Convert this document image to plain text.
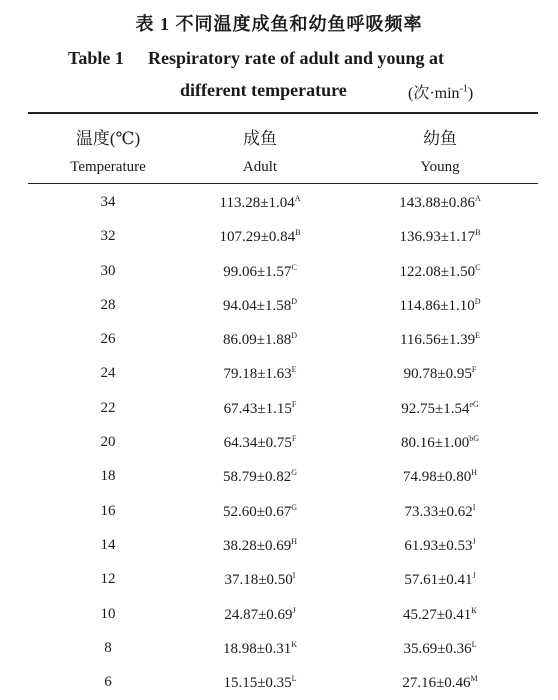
表 1 不同温度成鱼和幼鱼呼吸频率
Table 1 Respiratory rate of adult and young at
different temperature	(次$\cdot\min^{-1}$)
温度(℃)	成鱼	幼鱼
Temperature	Adult	Young
34	$113.28\pm 1.04^A$	$143.88\pm 0.86^A$
32	$107.29\pm 0.84^B$	$136.93\pm 1.17^B$
30	$99.06\pm 1.57^C$	$122.08\pm 1.50^C$
28	$94.04\pm 1.58^D$	$114.86\pm 1.10^D$
26	$86.09\pm 1.88^D$	$116.56\pm 1.39^E$
24	$79.18\pm 1.63^E$	$90.78\pm 0.95^F$
22	$67.43\pm 1.15^F$	$92.75\pm 1.54^{eG}$
20	$64.34\pm 0.75^F$	$80.16\pm 1.00^{bG}$
18	$58.79\pm 0.82^G$	$74.98\pm 0.80^H$
16	$52.60\pm 0.67^G$	$73.33\pm 0.62^I$
14	$38.28\pm 0.69^H$	$61.93\pm 0.53^J$
12	$37.18\pm 0.50^I$	$57.61\pm 0.41^J$
10	$24.87\pm 0.69^J$	$45.27\pm 0.41^K$
8	$18.98\pm 0.31^K$	$35.69\pm 0.36^L$
6	$15.15\pm 0.35^L$	$27.16\pm 0.46^M$
